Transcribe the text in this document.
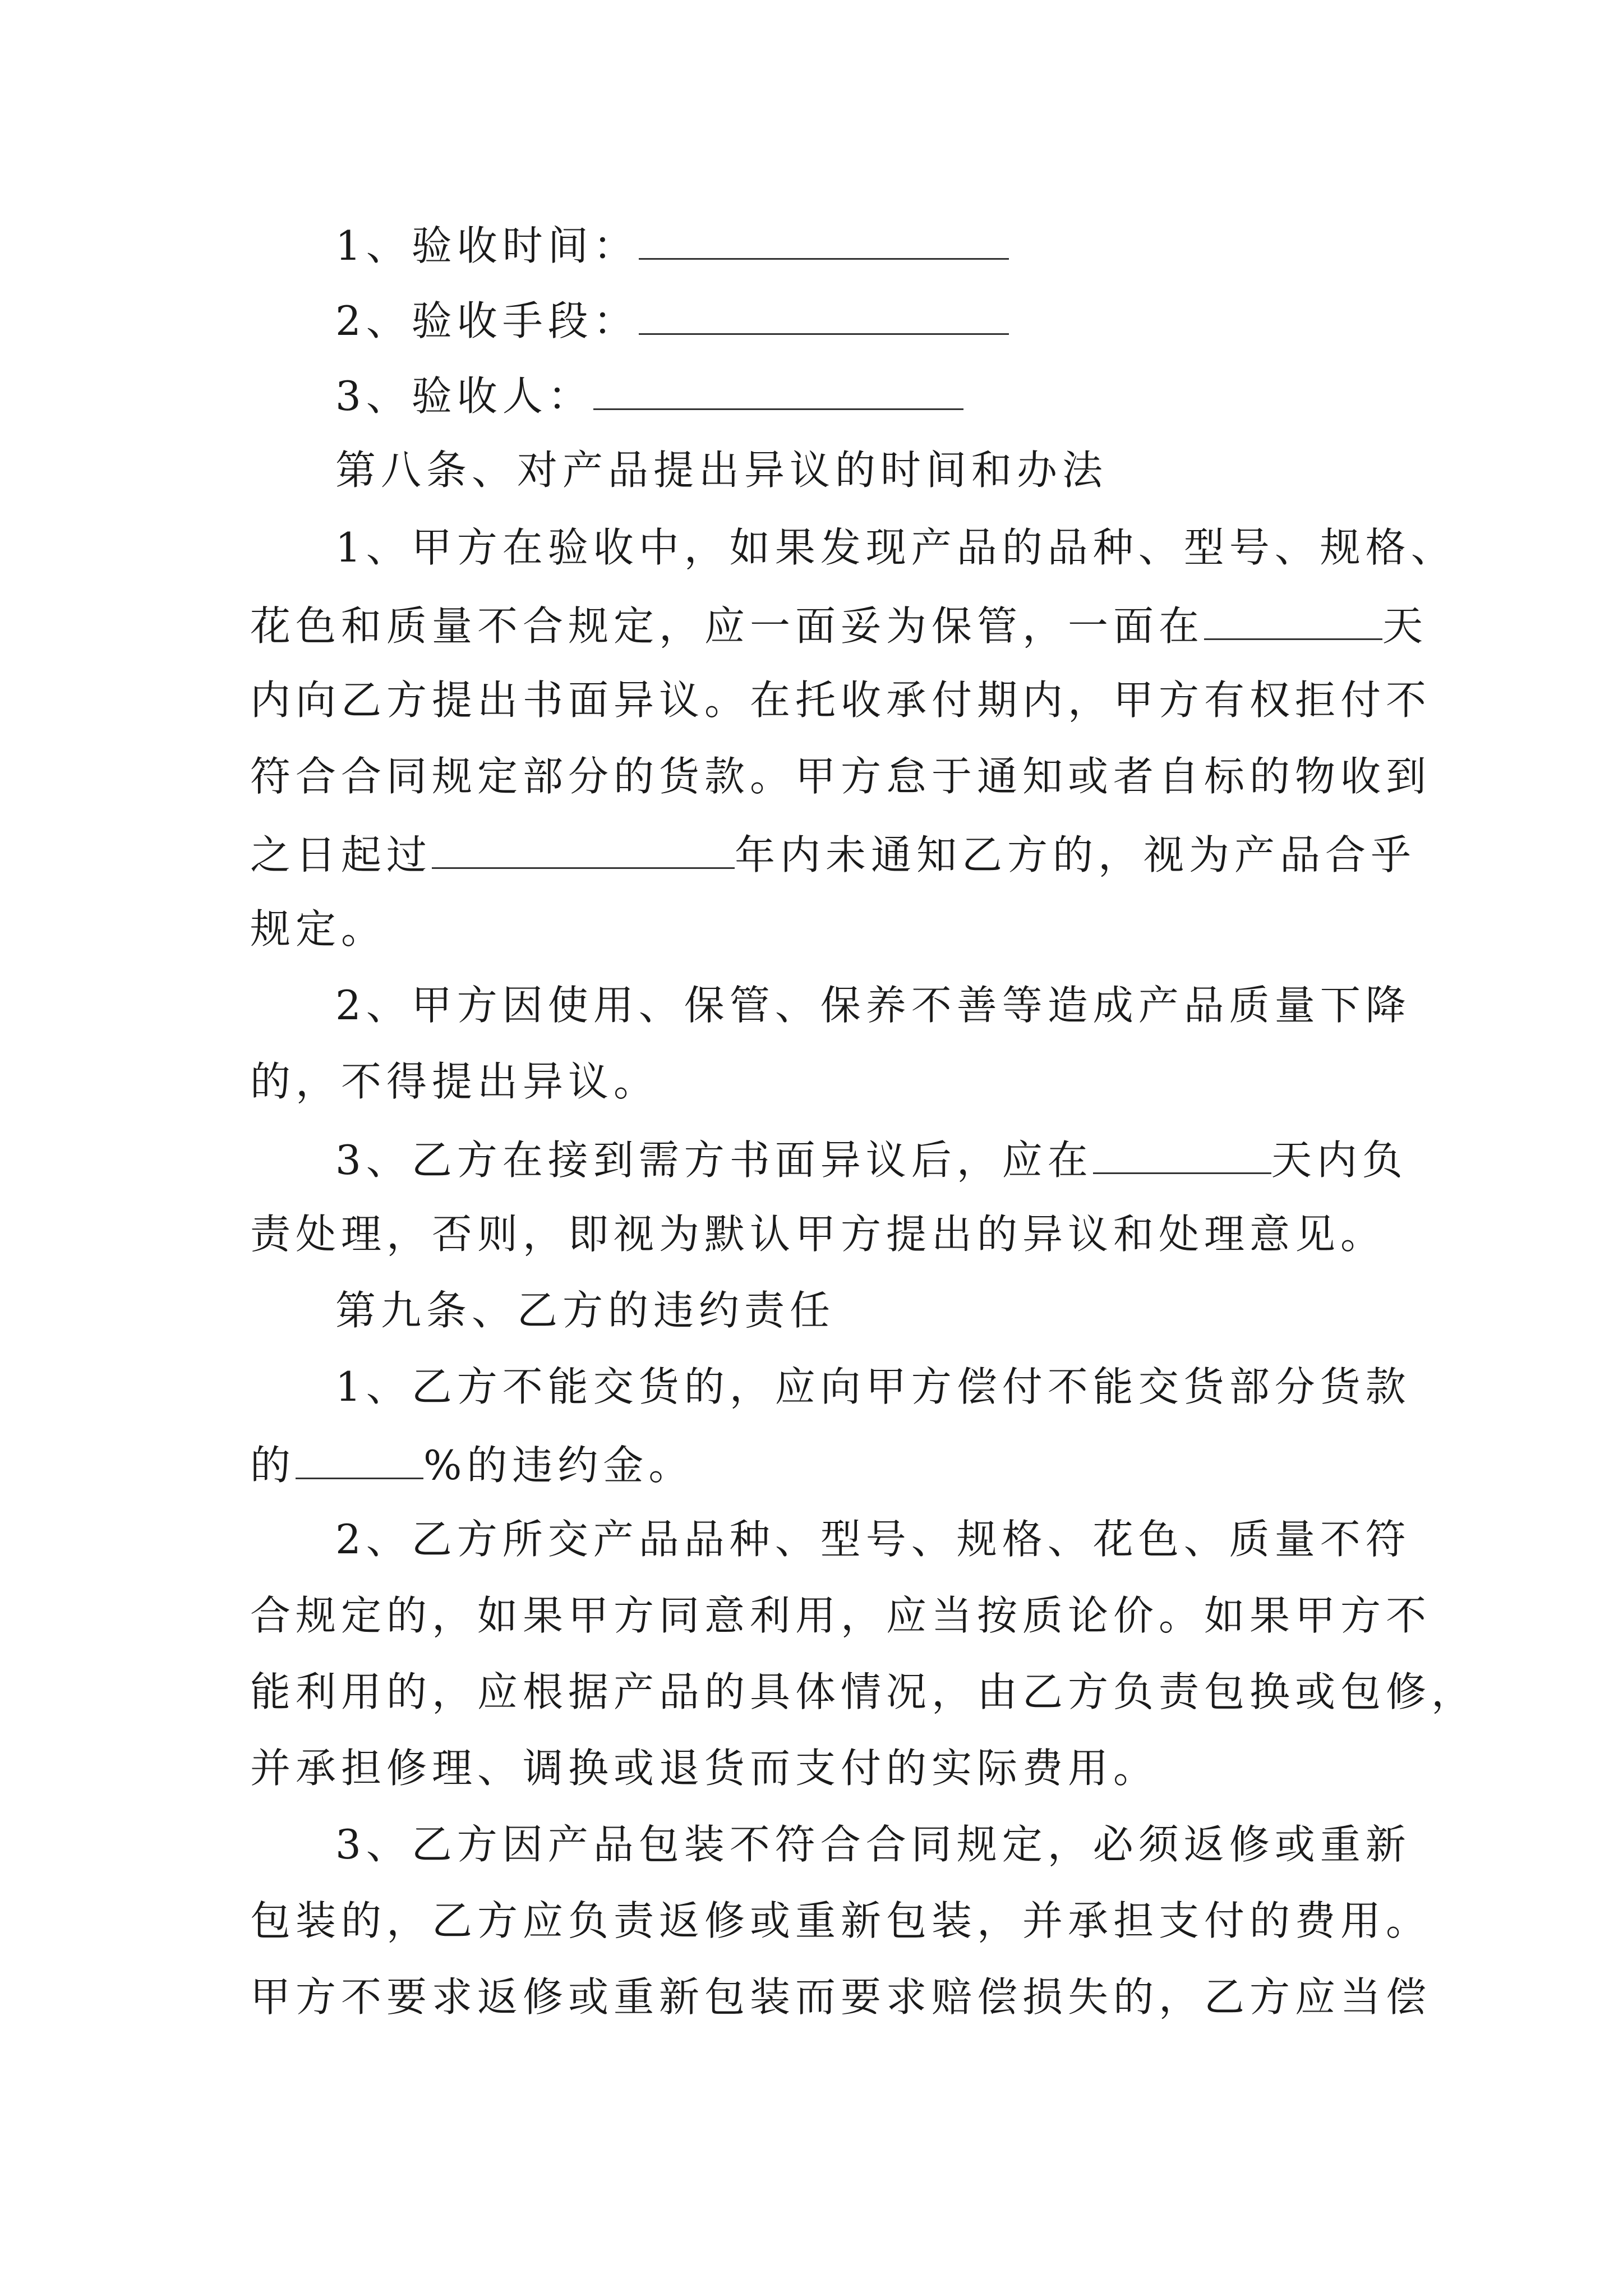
1、验收时间：
2、验收手段：
3、验收人：
第八条、对产品提出异议的时间和办法
1、甲方在验收中，如果发现产品的品种、型号、规格、
花色和质量不合规定，应一面妥为保管，一面在	天
内向乙方提出书面异议。在托收承付期内，甲方有权拒付不
符合合同规定部分的货款。甲方怠于通知或者自标的物收到
之日起过	年内未通知乙方的，视为产品合乎
规定。
2、甲方因使用、保管、保养不善等造成产品质量下降
的，不得提出异议。
3、乙方在接到需方书面异议后，应在	天内负
责处理，否则，即视为默认甲方提出的异议和处理意见。
第九条、乙方的违约责任
1、乙方不能交货的，应向甲方偿付不能交货部分货款
的	%的违约金。
2、乙方所交产品品种、型号、规格、花色、质量不符
合规定的，如果甲方同意利用，应当按质论价。如果甲方不
能利用的，应根据产品的具体情况，由乙方负责包换或包修，
并承担修理、调换或退货而支付的实际费用。
3、乙方因产品包装不符合合同规定，必须返修或重新
包装的，乙方应负责返修或重新包装，并承担支付的费用。
甲方不要求返修或重新包装而要求赔偿损失的，乙方应当偿
